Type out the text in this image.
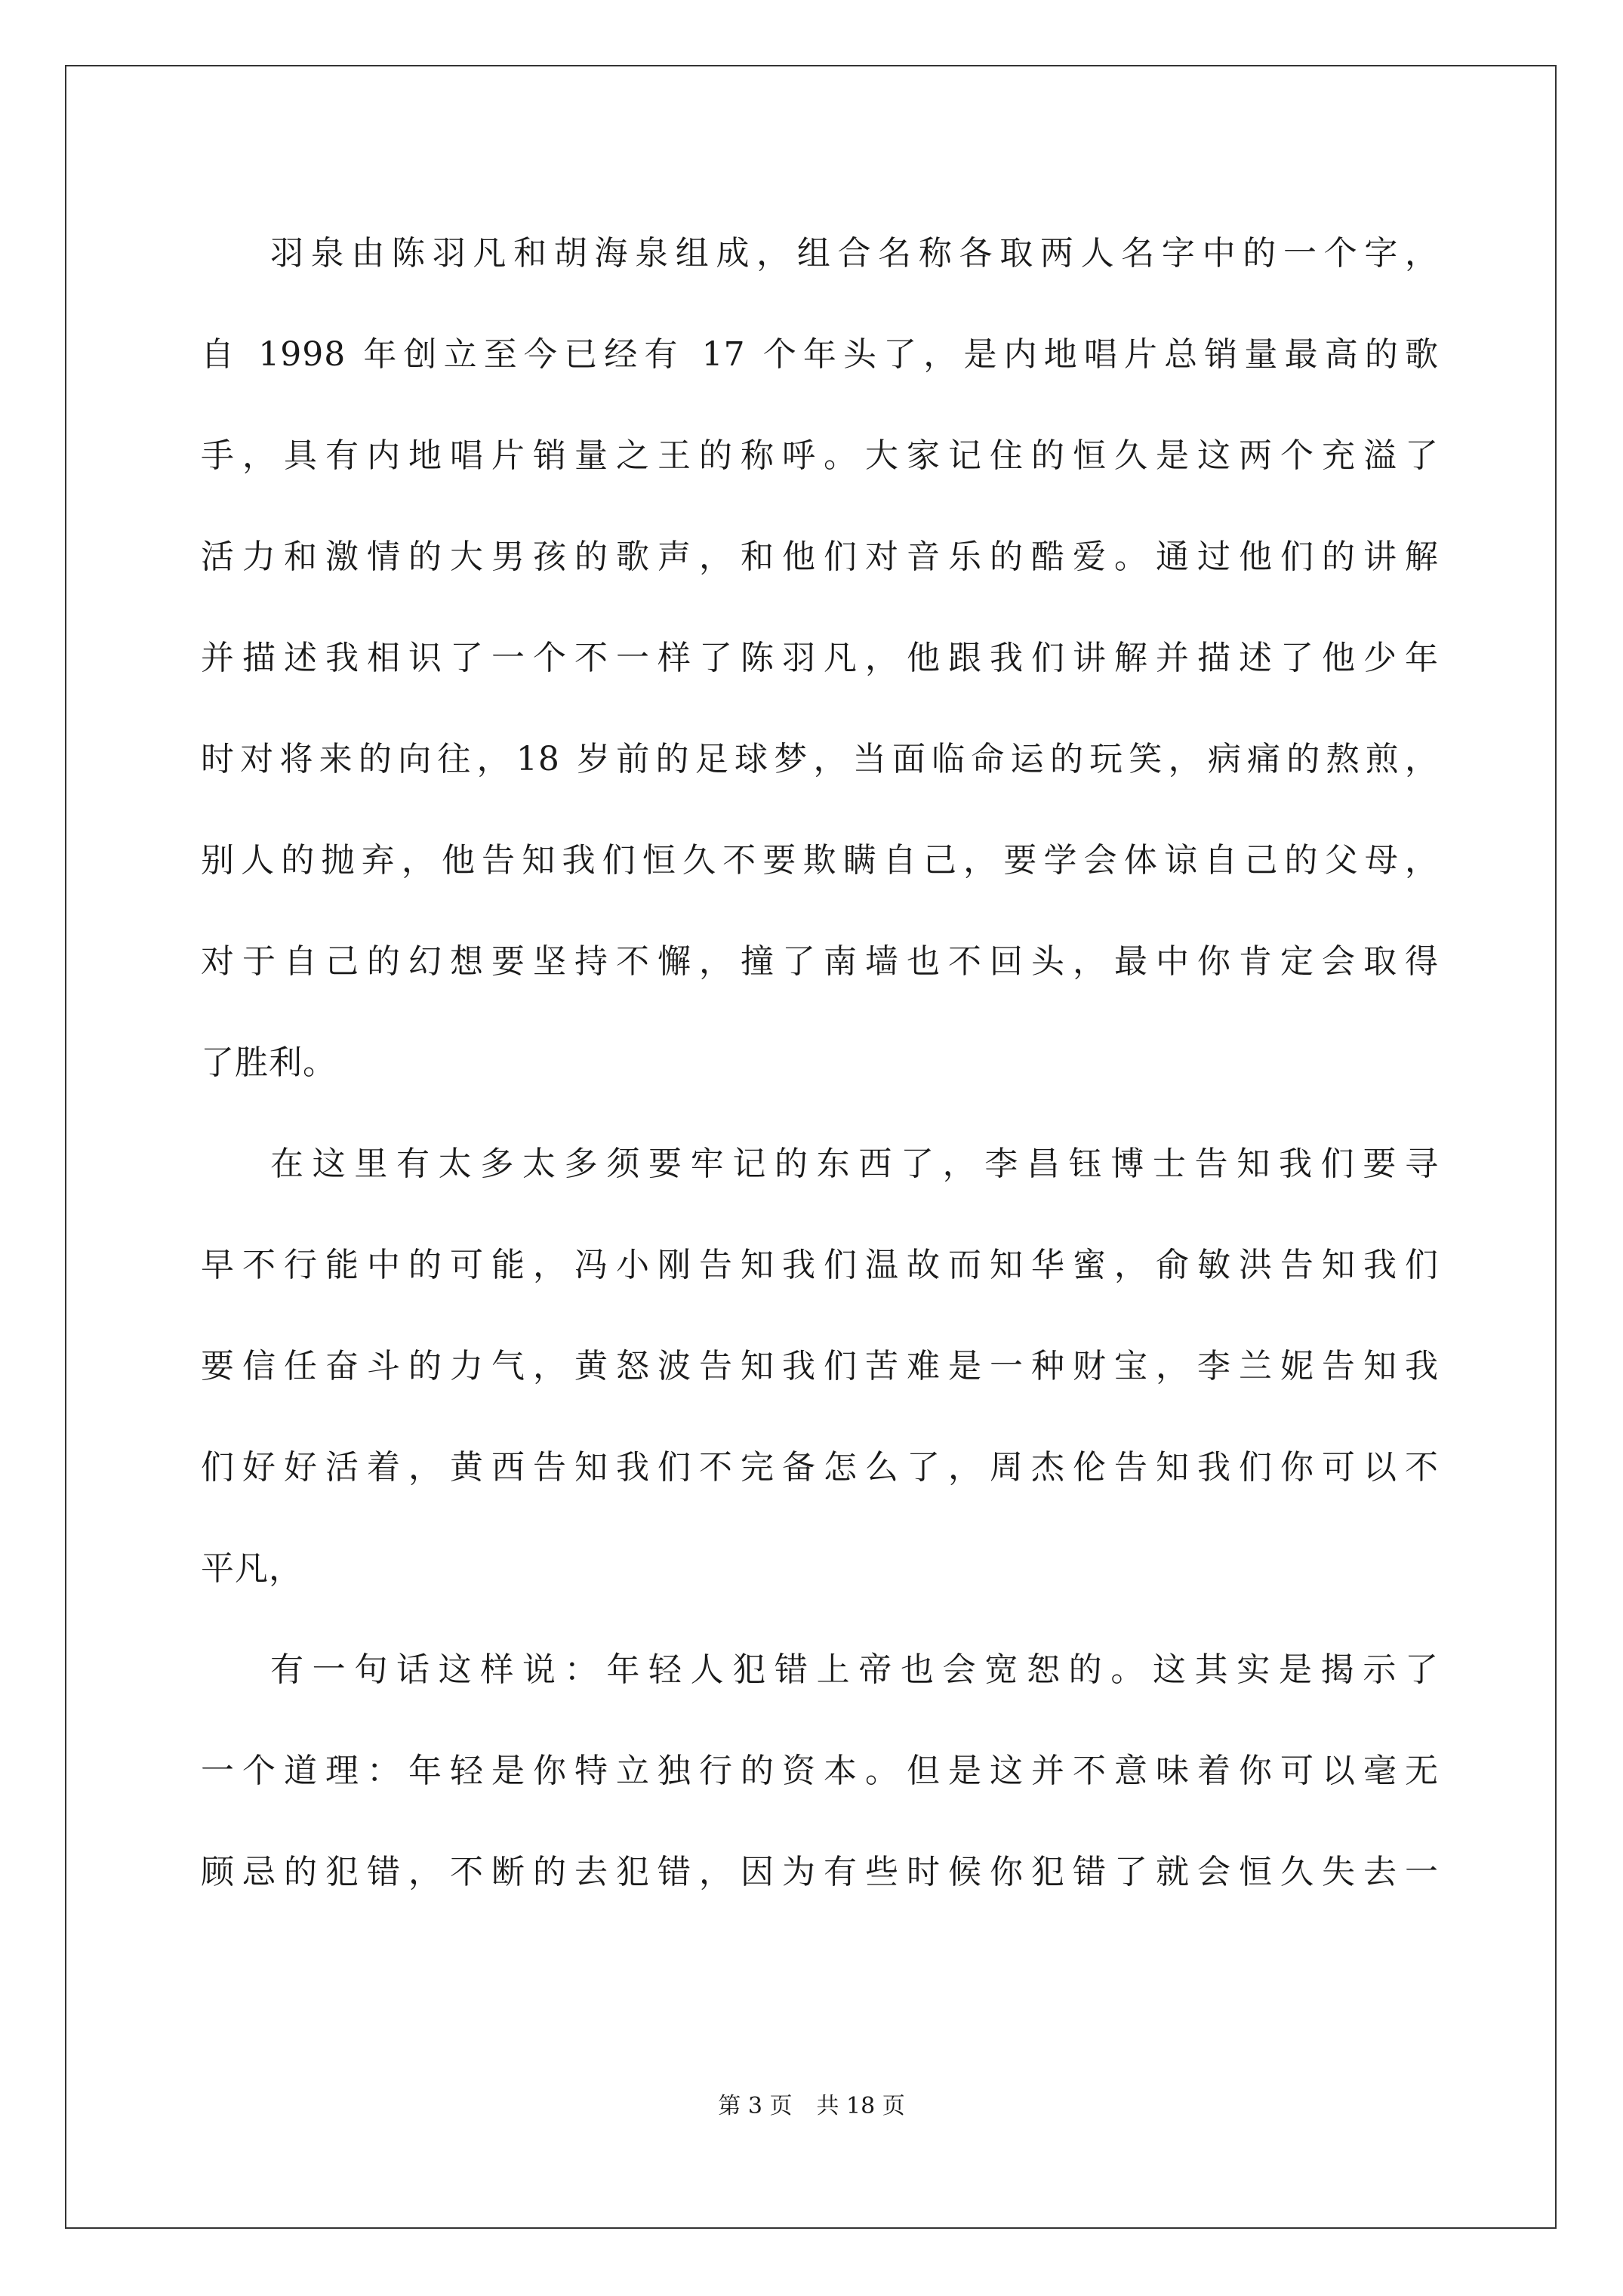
羽泉由陈羽凡和胡海泉组成，组合名称各取两人名字中的一个字，
自 1998 年创立至今已经有 17 个年头了，是内地唱片总销量最高的歌
手，具有内地唱片销量之王的称呼。大家记住的恒久是这两个充溢了
活力和激情的大男孩的歌声，和他们对音乐的酷爱。通过他们的讲解
并描述我相识了一个不一样了陈羽凡，他跟我们讲解并描述了他少年
时对将来的向往，18 岁前的足球梦，当面临命运的玩笑，病痛的熬煎，
别人的抛弃，他告知我们恒久不要欺瞒自己，要学会体谅自己的父母，
对于自己的幻想要坚持不懈，撞了南墙也不回头，最中你肯定会取得
了胜利。
在这里有太多太多须要牢记的东西了，李昌钰博士告知我们要寻
早不行能中的可能，冯小刚告知我们温故而知华蜜，俞敏洪告知我们
要信任奋斗的力气，黄怒波告知我们苦难是一种财宝，李兰妮告知我
们好好活着，黄西告知我们不完备怎么了，周杰伦告知我们你可以不
平凡，
有一句话这样说：年轻人犯错上帝也会宽恕的。这其实是揭示了
一个道理：年轻是你特立独行的资本。但是这并不意味着你可以毫无
顾忌的犯错，不断的去犯错，因为有些时候你犯错了就会恒久失去一
第 3 页 共 18 页
